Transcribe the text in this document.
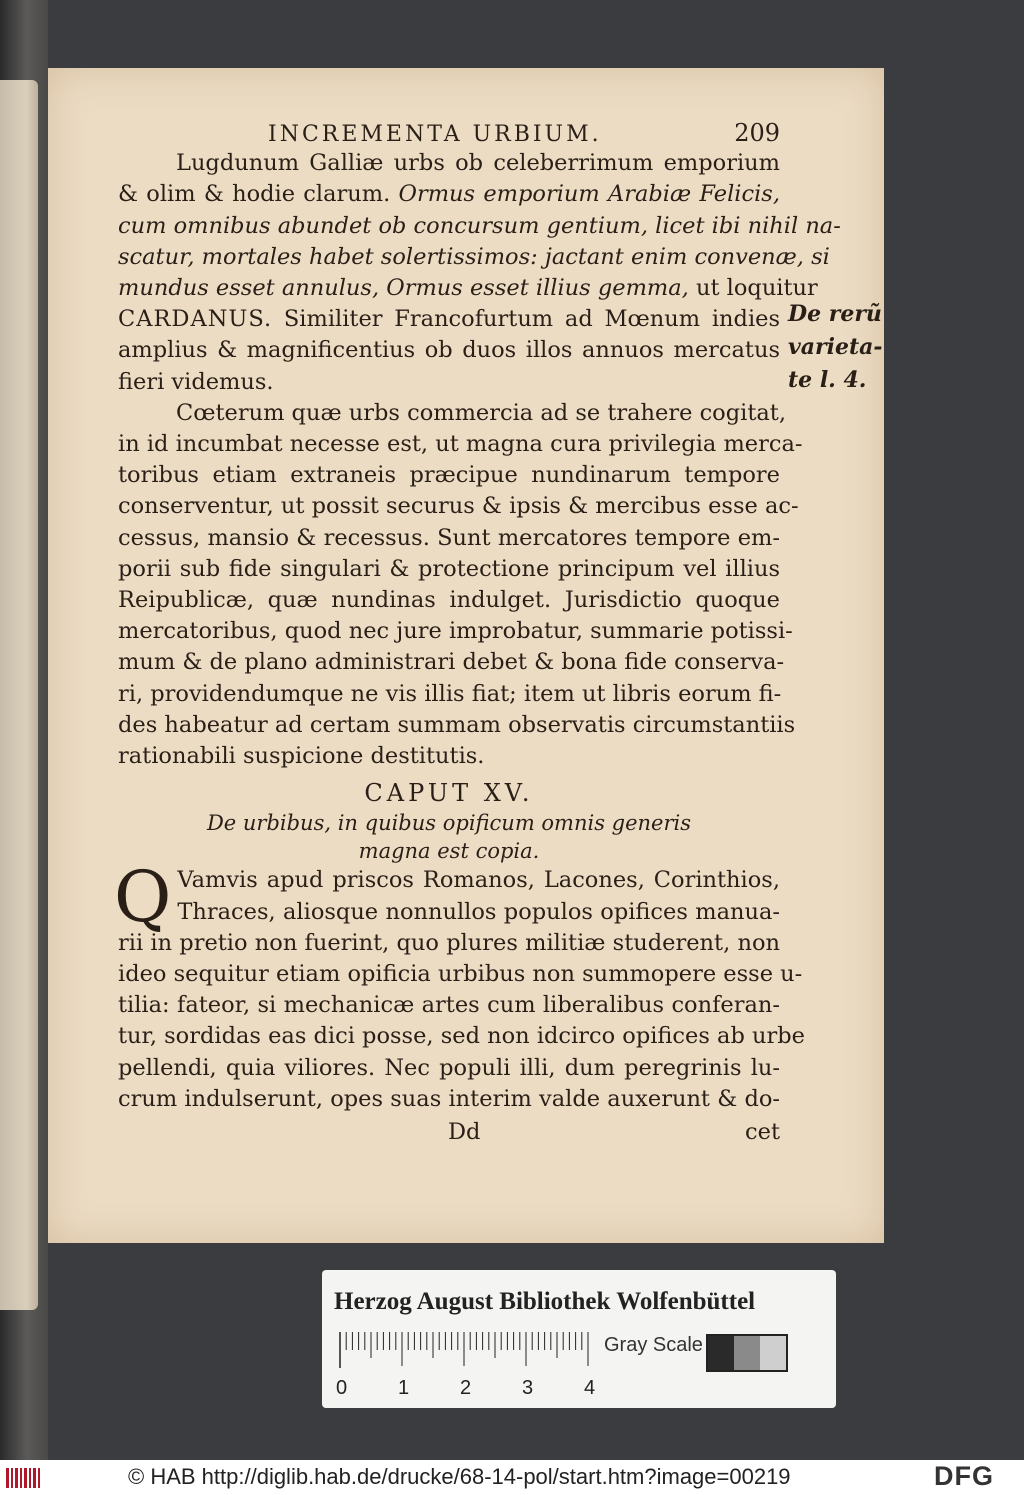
INCREMENTA URBIUM.	209
Lugdunum Galliæ urbs ob celeberrimum emporium
& olim & hodie clarum. Ormus emporium Arabiæ Felicis,
cum omnibus abundet ob concursum gentium, licet ibi nihil na-
scatur, mortales habet solertissimos: jactant enim convenæ, si
mundus esset annulus, Ormus esset illius gemma, ut loquitur
CARDANUS. Similiter Francofurtum ad Mœnum indies
amplius & magnificentius ob duos illos annuos mercatus
fieri videmus.
Cœterum quæ urbs commercia ad se trahere cogitat,
in id incumbat necesse est, ut magna cura privilegia merca-
toribus etiam extraneis præcipue nundinarum tempore
conserventur, ut possit securus & ipsis & mercibus esse ac-
cessus, mansio & recessus. Sunt mercatores tempore em-
porii sub fide singulari & protectione principum vel illius
Reipublicæ, quæ nundinas indulget. Jurisdictio quoque
mercatoribus, quod nec jure improbatur, summarie potissi-
mum & de plano administrari debet & bona fide conserva-
ri, providendumque ne vis illis fiat; item ut libris eorum fi-
des habeatur ad certam summam observatis circumstantiis
rationabili suspicione destitutis.
CAPUT XV.
De urbibus, in quibus opificum omnis generis
magna est copia.
Q Vamvis apud priscos Romanos, Lacones, Corinthios,
Thraces, aliosque nonnullos populos opifices manua-
rii in pretio non fuerint, quo plures militiæ studerent, non
ideo sequitur etiam opificia urbibus non summopere esse u-
tilia: fateor, si mechanicæ artes cum liberalibus conferan-
tur, sordidas eas dici posse, sed non idcirco opifices ab urbe
pellendi, quia viliores. Nec populi illi, dum peregrinis lu-
crum indulserunt, opes suas interim valde auxerunt & do-
Dd	cet
De rerũ
varieta-
te l. 4.
Herzog August Bibliothek Wolfenbüttel
0	1	2	3	4
Gray Scale
© HAB http://diglib.hab.de/drucke/68-14-pol/start.htm?image=00219	DFG
